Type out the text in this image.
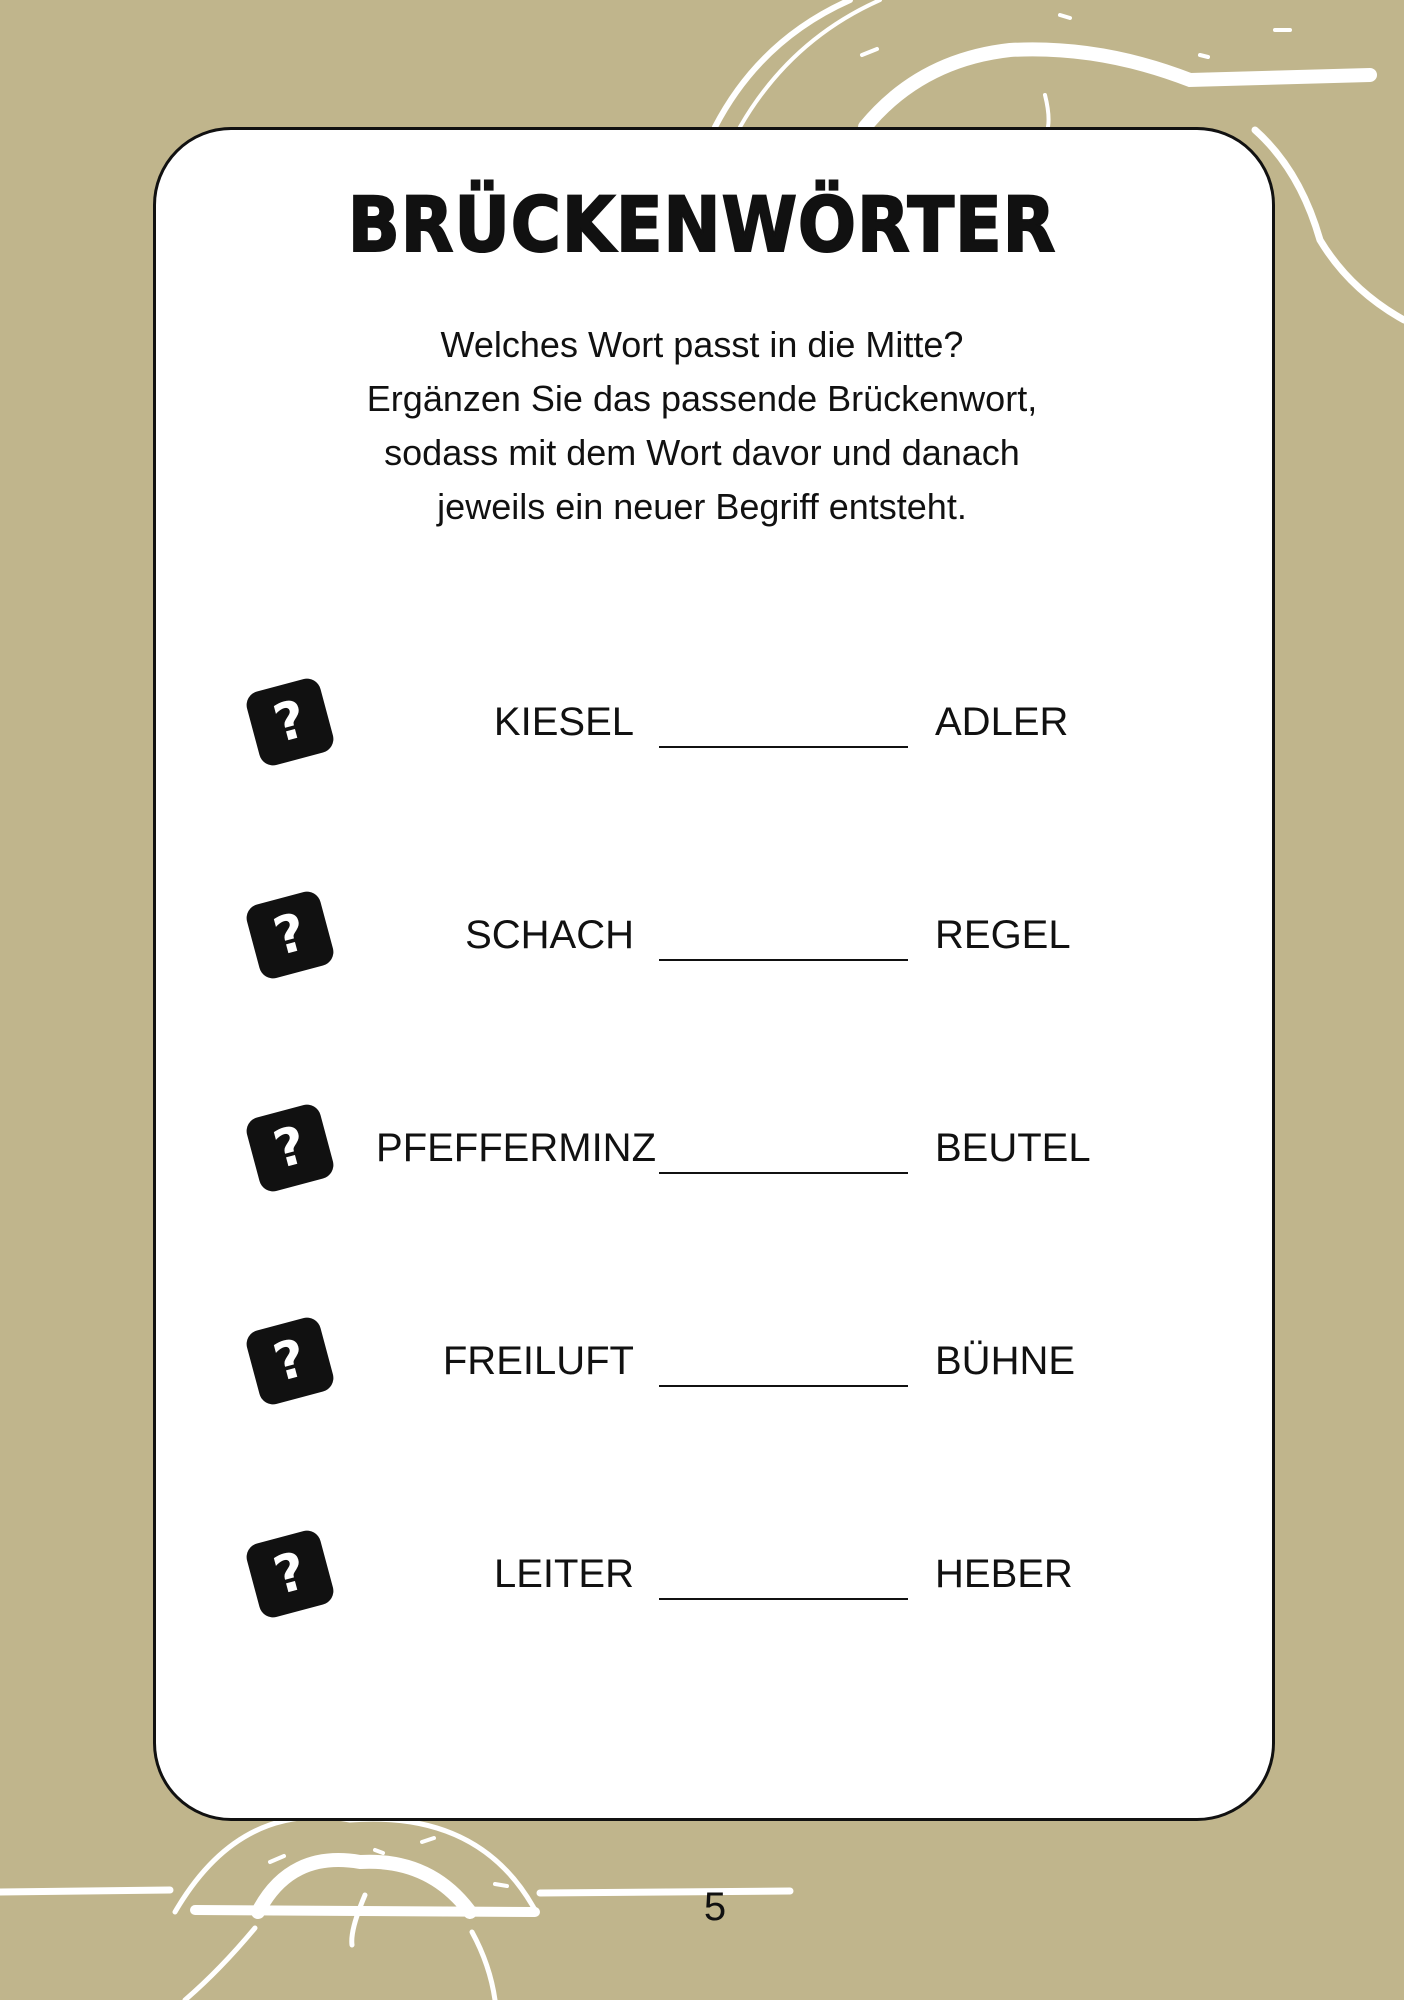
BRÜCKENWÖRTER
Welches Wort passt in die Mitte?
Ergänzen Sie das passende Brückenwort,
sodass mit dem Wort davor und danach
jeweils ein neuer Begriff entsteht.
?	KIESEL	ADLER
?	SCHACH	REGEL
?	PFEFFERMINZ	BEUTEL
?	FREILUFT	BÜHNE
?	LEITER	HEBER
5
